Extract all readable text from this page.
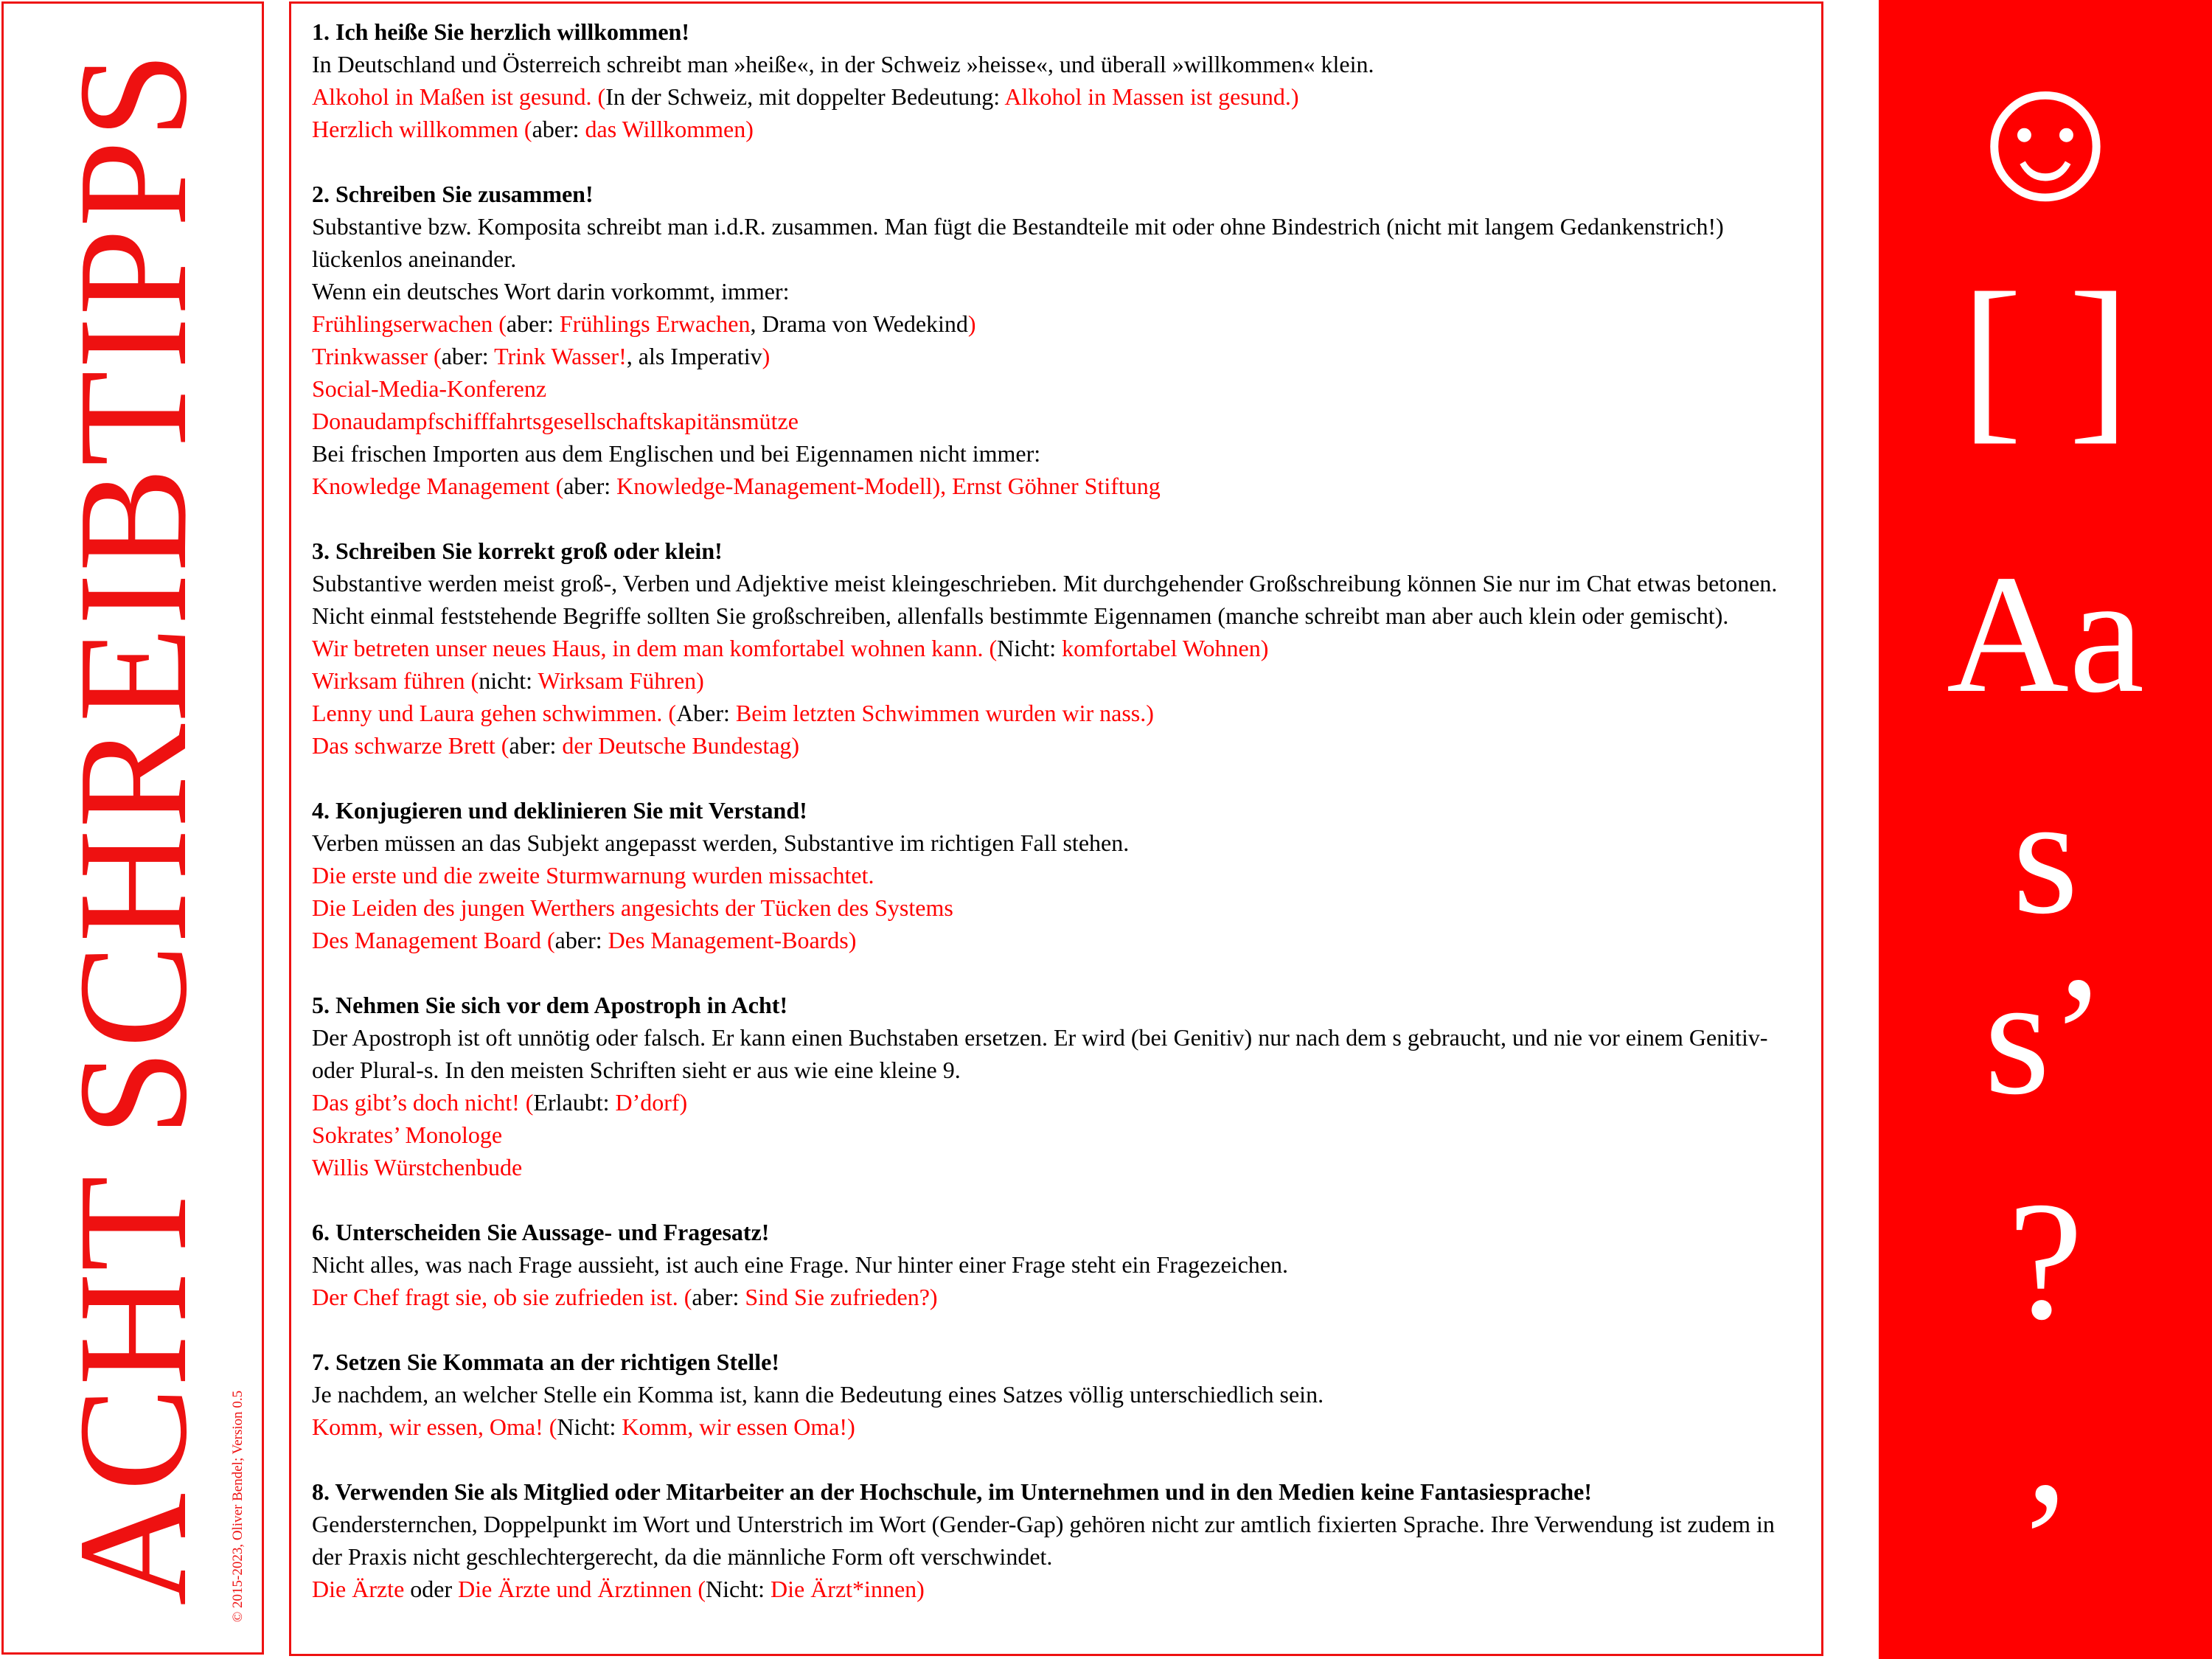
ACHT SCHREIBTIPPS © 2015-2023, Oliver Bendel; Version 0.5
1. Ich heiße Sie herzlich willkommen!
In Deutschland und Österreich schreibt man »heiße«, in der Schweiz »heisse«, und überall »willkommen« klein.
Alkohol in Maßen ist gesund. (In der Schweiz, mit doppelter Bedeutung: Alkohol in Massen ist gesund.)
Herzlich willkommen (aber: das Willkommen)
2. Schreiben Sie zusammen!
Substantive bzw. Komposita schreibt man i.d.R. zusammen. Man fügt die Bestandteile mit oder ohne Bindestrich (nicht mit langem Gedankenstrich!) lückenlos aneinander.
Wenn ein deutsches Wort darin vorkommt, immer:
Frühlingserwachen (aber: Frühlings Erwachen, Drama von Wedekind)
Trinkwasser (aber: Trink Wasser!, als Imperativ)
Social-Media-Konferenz
Donaudampfschifffahrtsgesellschaftskapitänsmütze
Bei frischen Importen aus dem Englischen und bei Eigennamen nicht immer:
Knowledge Management (aber: Knowledge-Management-Modell), Ernst Göhner Stiftung
3. Schreiben Sie korrekt groß oder klein!
Substantive werden meist groß-, Verben und Adjektive meist kleingeschrieben. Mit durchgehender Großschreibung können Sie nur im Chat etwas betonen. Nicht einmal feststehende Begriffe sollten Sie großschreiben, allenfalls bestimmte Eigennamen (manche schreibt man aber auch klein oder gemischt).
Wir betreten unser neues Haus, in dem man komfortabel wohnen kann. (Nicht: komfortabel Wohnen)
Wirksam führen (nicht: Wirksam Führen)
Lenny und Laura gehen schwimmen. (Aber: Beim letzten Schwimmen wurden wir nass.)
Das schwarze Brett (aber: der Deutsche Bundestag)
4. Konjugieren und deklinieren Sie mit Verstand!
Verben müssen an das Subjekt angepasst werden, Substantive im richtigen Fall stehen.
Die erste und die zweite Sturmwarnung wurden missachtet.
Die Leiden des jungen Werthers angesichts der Tücken des Systems
Des Management Board (aber: Des Management-Boards)
5. Nehmen Sie sich vor dem Apostroph in Acht!
Der Apostroph ist oft unnötig oder falsch. Er kann einen Buchstaben ersetzen. Er wird (bei Genitiv) nur nach dem s gebraucht, und nie vor einem Genitiv- oder Plural-s. In den meisten Schriften sieht er aus wie eine kleine 9.
Das gibt’s doch nicht! (Erlaubt: D’dorf)
Sokrates’ Monologe
Willis Würstchenbude
6. Unterscheiden Sie Aussage- und Fragesatz!
Nicht alles, was nach Frage aussieht, ist auch eine Frage. Nur hinter einer Frage steht ein Fragezeichen.
Der Chef fragt sie, ob sie zufrieden ist. (aber: Sind Sie zufrieden?)
7. Setzen Sie Kommata an der richtigen Stelle!
Je nachdem, an welcher Stelle ein Komma ist, kann die Bedeutung eines Satzes völlig unterschiedlich sein.
Komm, wir essen, Oma! (Nicht: Komm, wir essen Oma!)
8. Verwenden Sie als Mitglied oder Mitarbeiter an der Hochschule, im Unternehmen und in den Medien keine Fantasiesprache!
Gendersternchen, Doppelpunkt im Wort und Unterstrich im Wort (Gender-Gap) gehören nicht zur amtlich fixierten Sprache. Ihre Verwendung ist zudem in der Praxis nicht geschlechtergerecht, da die männliche Form oft verschwindet.
Die Ärzte oder Die Ärzte und Ärztinnen (Nicht: Die Ärzt*innen)
☺
[ ]
Aa
s
s’
?
’
